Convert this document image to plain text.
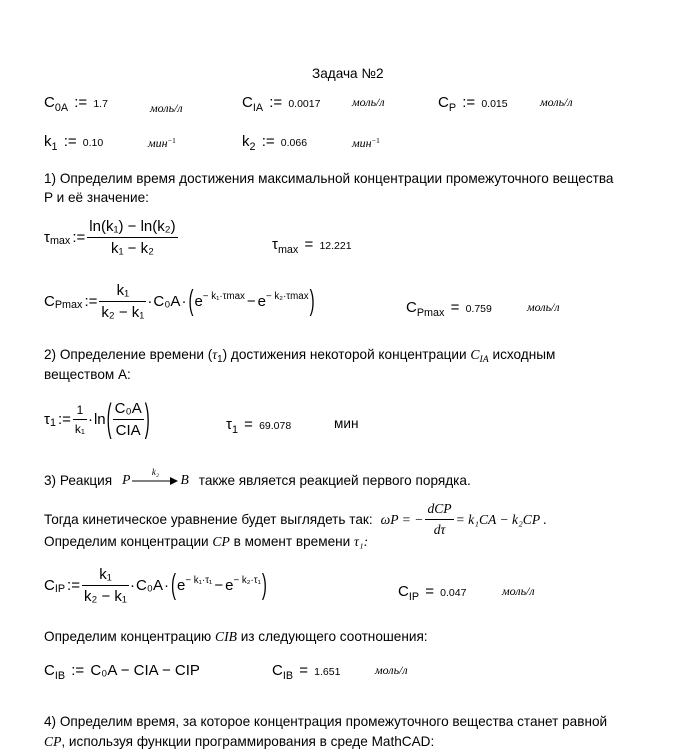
Задача №2
$C_{0A}$ := 1.7	моль/л	$C_{IA}$ := 0.0017	моль/л	$C_P$ := 0.015	моль/л
$k_1$ := 0.10	мин$^{-1}$	$k_2$ := 0.066	мин$^{-1}$
1) Определим время достижения максимальной концентрации промежуточного вещества
P и её значение:
τ max := $\frac{\text{ln(k₁) − ln(k₂)}}{\text{k₁ − k₂}}$	$\tau_{max} = 12.221$
C Pmax := $\frac{\text{k₁}}{\text{k₂ − k₁}} \cdot C_0A$ · ( e − k₁·τmax − e − k₂·τmax )	$C_{Pmax} = 0.759$	моль/л
2) Определение времени $(\tau_1)$ достижения некоторой концентрации $C_{IA}$ исходным
веществом А:
τ 1 := $\frac{1}{\text{k₁}} \cdot \ln$ ( $\frac{\text{C₀A}}{\text{CIA}}$ )	$\tau_1 = 69.078$	мин
3) Реакция P k₂ B также является реакцией первого порядка.
Тогда кинетическое уравнение будет выглядеть так: ωP = − $\frac{\text{dCP}}{d\tau} = k_1CA - k_2CP$ .
Определим концентрации CP в момент времени τ₁:
C IP := $\frac{\text{k₁}}{\text{k₂ − k₁}} \cdot C_0A$ · ( e − k₁·τ₁ − e − k₂·τ₁ )	$C_{IP} = 0.047$	моль/л
Определим концентрацию CIB из следующего соотношения:
$C_{IB}$ := C₀A − CIA − CIP	$C_{IB} = 1.651$	моль/л
4) Определим время, за которое концентрация промежуточного вещества станет равной
CP, используя функции программирования в среде MathCAD:
